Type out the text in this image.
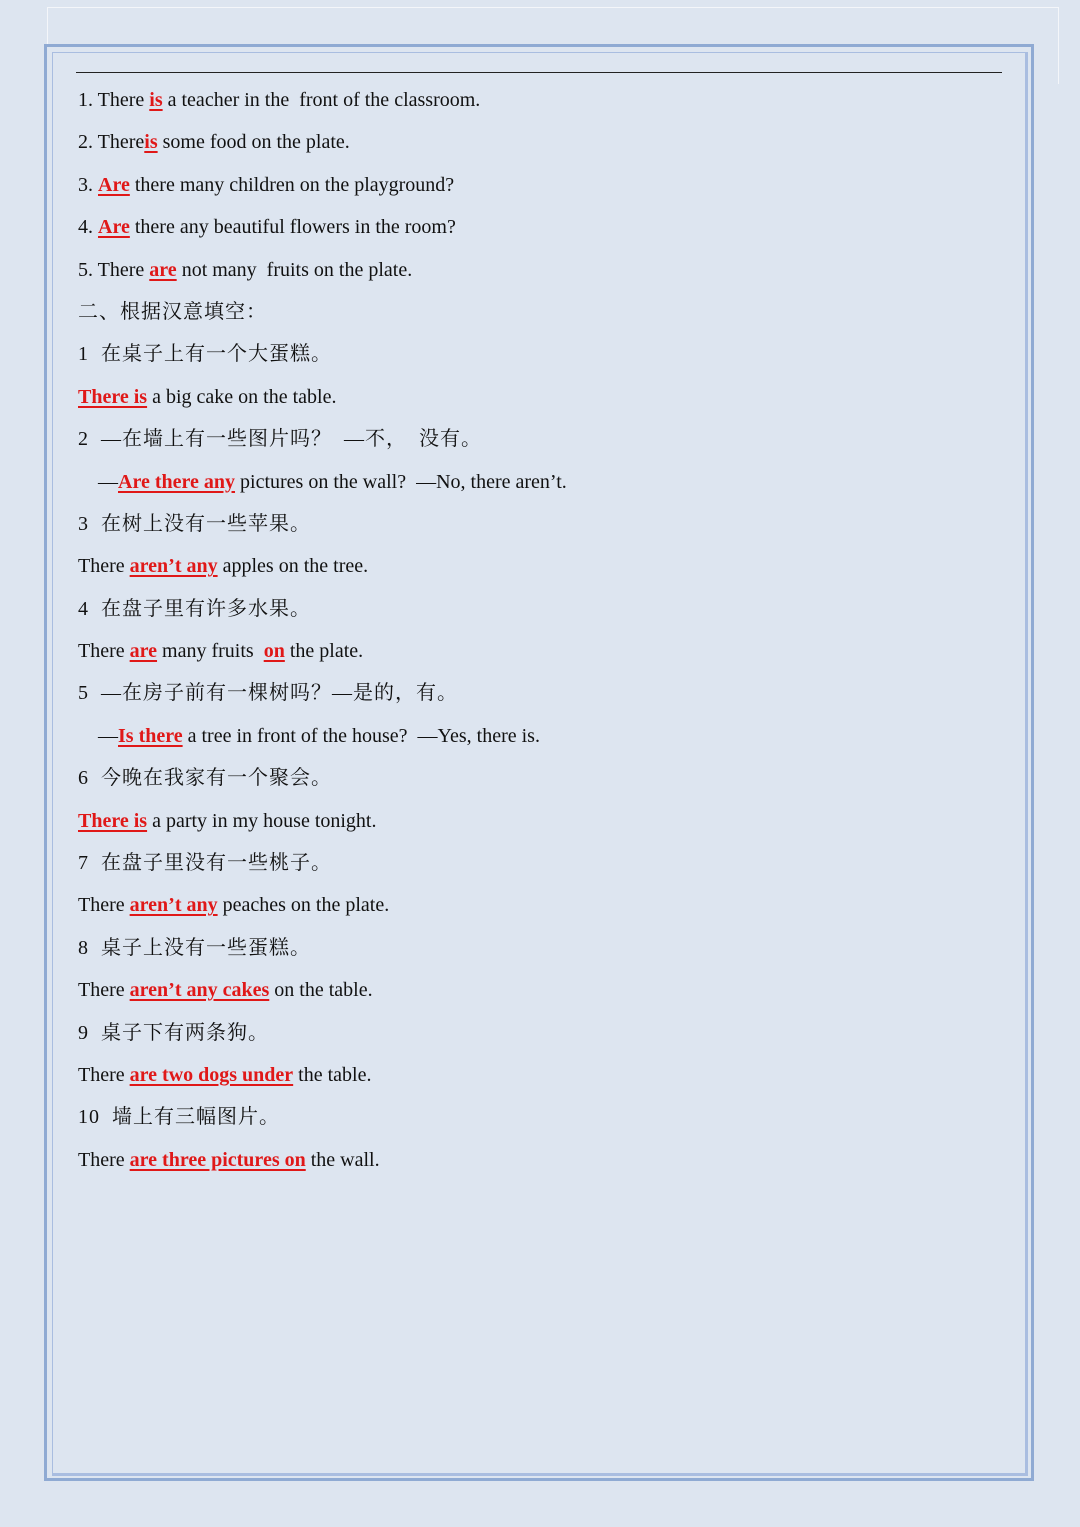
1. There is a teacher in the  front of the classroom.
2. Thereis some food on the plate.
3. Are there many children on the playground?
4. Are there any beautiful flowers in the room?
5. There are not many  fruits on the plate.
二、根据汉意填空：
1  在桌子上有一个大蛋糕。
There is a big cake on the table.
2  —在墙上有一些图片吗？  —不，  没有。
—Are there any pictures on the wall?  —No, there aren’t.
3  在树上没有一些苹果。
There aren’t any apples on the tree.
4  在盘子里有许多水果。
There are many fruits  on the plate.
5  —在房子前有一棵树吗？—是的，有。
—Is there a tree in front of the house?  —Yes, there is.
6  今晚在我家有一个聚会。
There is a party in my house tonight.
7  在盘子里没有一些桃子。
There aren’t any peaches on the plate.
8  桌子上没有一些蛋糕。
There aren’t any cakes on the table.
9  桌子下有两条狗。
There are two dogs under the table.
10  墙上有三幅图片。
There are three pictures on the wall.
